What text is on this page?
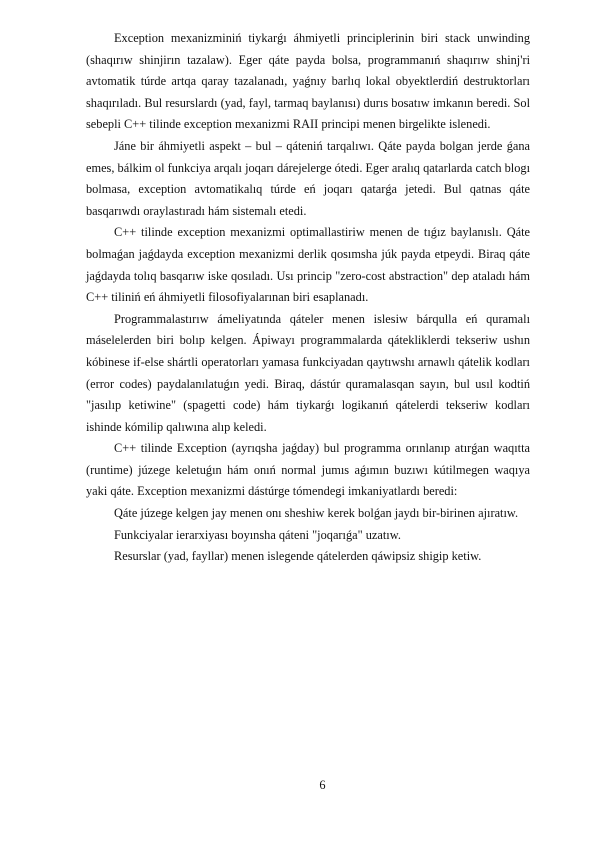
Exception mexanizminiń tiykarǵı áhmiyetli principlerinin biri stack unwinding (shaqırıw shinjirın tazalaw). Eger qáte payda bolsa, programmanıń shaqırıw shinj'ri avtomatik túrde artqa qaray tazalanadı, yaǵnıy barlıq lokal obyektlerdiń destruktorları shaqırıladı. Bul resurslardı (yad, fayl, tarmaq baylanısı) durıs bosatıw imkanın beredi. Sol sebepli C++ tilinde exception mexanizmi RAII principi menen birgelikte islenedi.

Jáne bir áhmiyetli aspekt – bul – qáteniń tarqalıwı. Qáte payda bolgan jerde ǵana emes, bálkim ol funkciya arqalı joqarı dárejelerge ótedi. Eger aralıq qatarlarda catch blogı bolmasa, exception avtomatikalıq túrde eń joqarı qatarǵa jetedi. Bul qatnas qáte basqarıwdı oraylastıradı hám sistemalı etedi.

C++ tilinde exception mexanizmi optimallastiriw menen de tıǵız baylanıslı. Qáte bolmaǵan jaǵdayda exception mexanizmi derlik qosımsha júk payda etpeydi. Biraq qáte jaǵdayda tolıq basqarıw iske qosıladı. Usı princip "zero-cost abstraction" dep ataladı hám C++ tiliniń eń áhmiyetli filosofiyalarınan biri esaplanadı.

Programmalastırıw ámeliyatında qáteler menen islesiw bárqulla eń quramalı máselelerden biri bolıp kelgen. Ápiwayı programmalarda qátekliklerdi tekseriw ushın kóbinese if-else shártli operatorları yamasa funkciyadan qaytıwshı arnawlı qátelik kodları (error codes) paydalanılatuǵın yedi. Biraq, dástúr quramalasqan sayın, bul usıl kodtiń "jasılıp ketiwine" (spagetti code) hám tiykarǵı logikanıń qátelerdi tekseriw kodları ishinde kómilip qalıwına alıp keledi.

C++ tilinde Exception (ayrıqsha jaǵday) bul programma orınlanıp atırǵan waqıtta (runtime) júzege keletuǵın hám onıń normal jumıs aǵımın buzıwı kútilmegen waqıya yaki qáte. Exception mexanizmi dástúrge tómendegi imkaniyatlardı beredi:

Qáte júzege kelgen jay menen onı sheshiw kerek bolǵan jaydı bir-birinen ajıratıw.

Funkciyalar ierarxiyası boyınsha qáteni "joqarıǵa" uzatıw.

Resurslar (yad, fayllar) menen islegende qátelerden qáwipsiz shigip ketiw.

6
